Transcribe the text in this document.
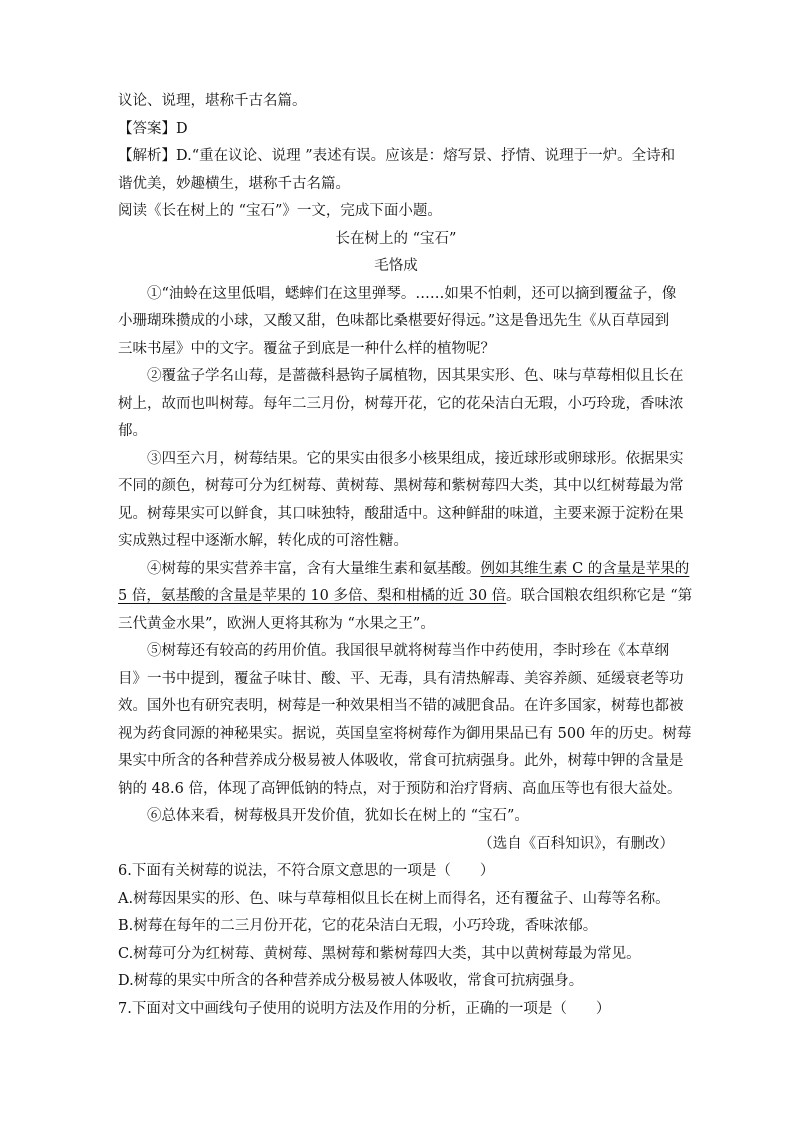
议论、说理，堪称千古名篇。
【答案】D
【解析】D.“重在议论、说理 ”表述有误。应该是：熔写景、抒情、说理于一炉。全诗和
谐优美，妙趣横生，堪称千古名篇。
阅读《长在树上的 “宝石”》一文，完成下面小题。
长在树上的 “宝石”
毛恪成
①“油蛉在这里低唱，蟋蟀们在这里弹琴。……如果不怕刺，还可以摘到覆盆子，像
小珊瑚珠攒成的小球，又酸又甜，色味都比桑椹要好得远。”这是鲁迅先生《从百草园到
三味书屋》中的文字。覆盆子到底是一种什么样的植物呢？
②覆盆子学名山莓，是蔷薇科悬钩子属植物，因其果实形、色、味与草莓相似且长在
树上，故而也叫树莓。每年二三月份，树莓开花，它的花朵洁白无瑕，小巧玲珑，香味浓
郁。
③四至六月，树莓结果。它的果实由很多小核果组成，接近球形或卵球形。依据果实
不同的颜色，树莓可分为红树莓、黄树莓、黑树莓和紫树莓四大类，其中以红树莓最为常
见。树莓果实可以鲜食，其口味独特，酸甜适中。这种鲜甜的味道，主要来源于淀粉在果
实成熟过程中逐渐水解，转化成的可溶性糖。
④树莓的果实营养丰富，含有大量维生素和氨基酸。例如其维生素 C 的含量是苹果的
5 倍，氨基酸的含量是苹果的 10 多倍、梨和柑橘的近 30 倍。联合国粮农组织称它是 “第
三代黄金水果”，欧洲人更将其称为 “水果之王”。
⑤树莓还有较高的药用价值。我国很早就将树莓当作中药使用，李时珍在《本草纲
目》一书中提到，覆盆子味甘、酸、平、无毒，具有清热解毒、美容养颜、延缓衰老等功
效。国外也有研究表明，树莓是一种效果相当不错的减肥食品。在许多国家，树莓也都被
视为药食同源的神秘果实。据说，英国皇室将树莓作为御用果品已有 500 年的历史。树莓
果实中所含的各种营养成分极易被人体吸收，常食可抗病强身。此外，树莓中钾的含量是
钠的 48.6 倍，体现了高钾低钠的特点，对于预防和治疗肾病、高血压等也有很大益处。
⑥总体来看，树莓极具开发价值，犹如长在树上的 “宝石”。
（选自《百科知识》，有删改）
6.下面有关树莓的说法，不符合原文意思的一项是（　　）
A.树莓因果实的形、色、味与草莓相似且长在树上而得名，还有覆盆子、山莓等名称。
B.树莓在每年的二三月份开花，它的花朵洁白无瑕，小巧玲珑，香味浓郁。
C.树莓可分为红树莓、黄树莓、黑树莓和紫树莓四大类，其中以黄树莓最为常见。
D.树莓的果实中所含的各种营养成分极易被人体吸收，常食可抗病强身。
7.下面对文中画线句子使用的说明方法及作用的分析，正确的一项是（　　）
